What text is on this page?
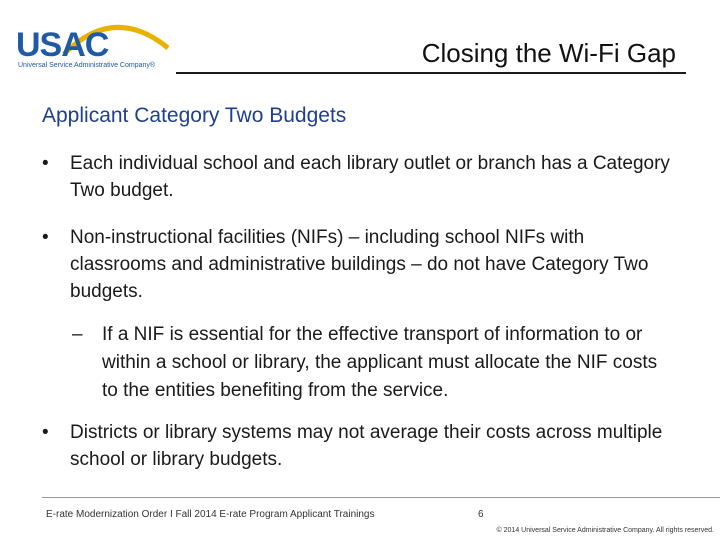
USAC
Universal Service Administrative Company®	Closing the Wi-Fi Gap
Applicant Category Two Budgets
• Each individual school and each library outlet or branch has a Category Two budget.
• Non-instructional facilities (NIFs) – including school NIFs with classrooms and administrative buildings – do not have Category Two budgets.
– If a NIF is essential for the effective transport of information to or within a school or library, the applicant must allocate the NIF costs to the entities benefiting from the service.
• Districts or library systems may not average their costs across multiple school or library budgets.
E-rate Modernization Order I Fall 2014 E-rate Program Applicant Trainings	6
© 2014 Universal Service Administrative Company. All rights reserved.
